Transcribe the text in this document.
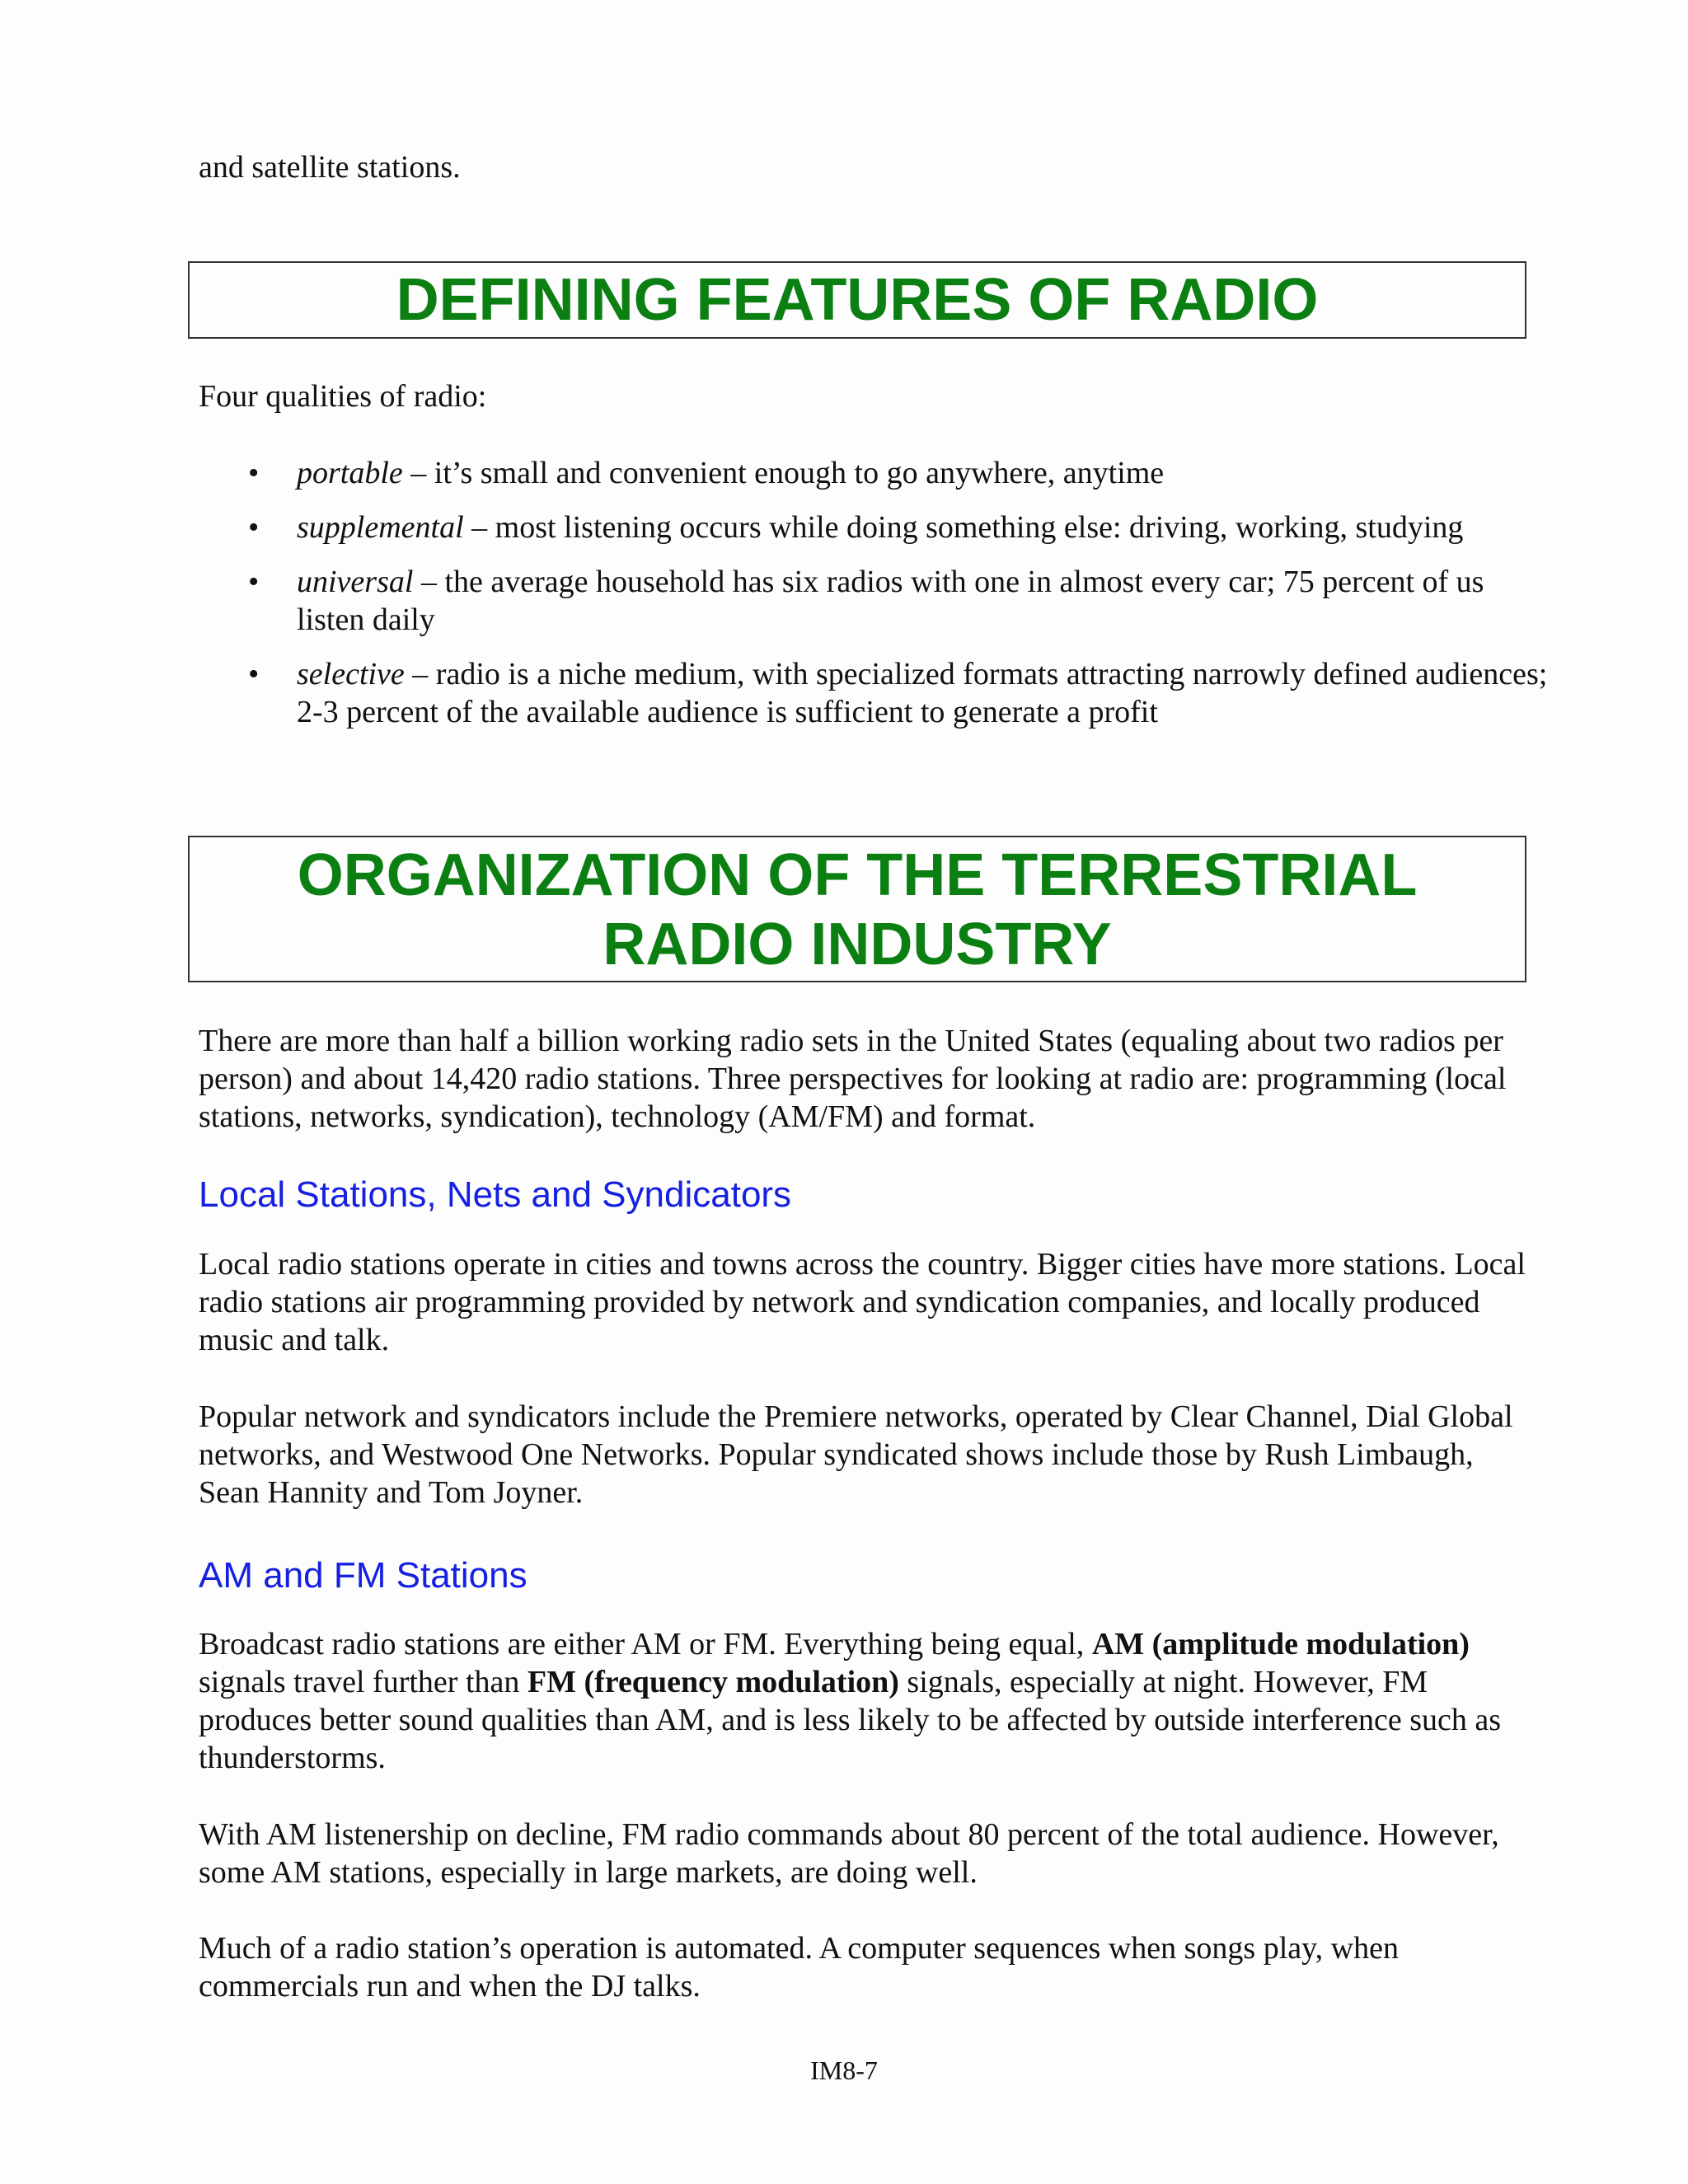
and satellite stations.

DEFINING FEATURES OF RADIO

Four qualities of radio:

• portable – it’s small and convenient enough to go anywhere, anytime
• supplemental – most listening occurs while doing something else: driving, working, studying
• universal – the average household has six radios with one in almost every car; 75 percent of us listen daily
• selective – radio is a niche medium, with specialized formats attracting narrowly defined audiences; 2-3 percent of the available audience is sufficient to generate a profit
ORGANIZATION OF THE TERRESTRIAL
RADIO INDUSTRY

There are more than half a billion working radio sets in the United States (equaling about two radios per person) and about 14,420 radio stations. Three perspectives for looking at radio are: programming (local stations, networks, syndication), technology (AM/FM) and format.

Local Stations, Nets and Syndicators

Local radio stations operate in cities and towns across the country. Bigger cities have more stations. Local radio stations air programming provided by network and syndication companies, and locally produced music and talk.

Popular network and syndicators include the Premiere networks, operated by Clear Channel, Dial Global networks, and Westwood One Networks. Popular syndicated shows include those by Rush Limbaugh, Sean Hannity and Tom Joyner.

AM and FM Stations

Broadcast radio stations are either AM or FM. Everything being equal, AM (amplitude modulation) signals travel further than FM (frequency modulation) signals, especially at night. However, FM produces better sound qualities than AM, and is less likely to be affected by outside interference such as thunderstorms.

With AM listenership on decline, FM radio commands about 80 percent of the total audience. However, some AM stations, especially in large markets, are doing well.

Much of a radio station’s operation is automated. A computer sequences when songs play, when commercials run and when the DJ talks.

IM8-7
